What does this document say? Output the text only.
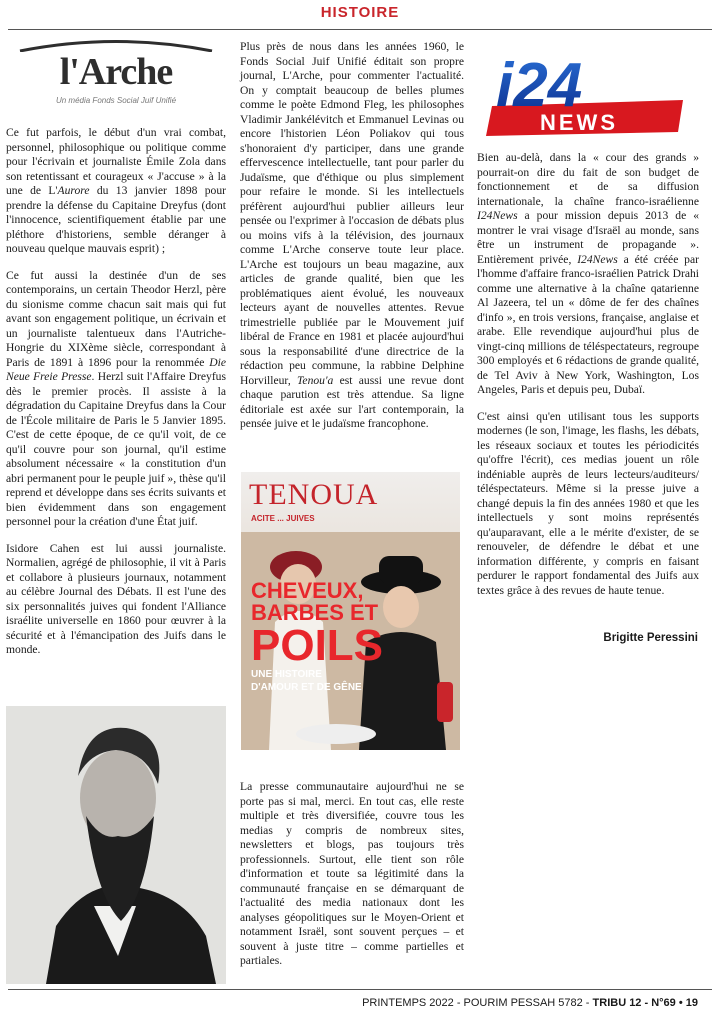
HISTOIRE
l'Arche
Un média Fonds Social Juif Unifié	i24
NEWS

Ce fut parfois, le début d'un vrai combat, personnel, philosophique ou politique comme pour l'écrivain et journaliste Émile Zola dans son retentissant et courageux « J'accuse » à la une de L'Aurore du 13 janvier 1898 pour prendre la défense du Capitaine Dreyfus (dont l'innocence, scientifiquement établie par une pléthore d'historiens, semble déranger à nouveau quelque mauvais esprit) ;

Ce fut aussi la destinée d'un de ses contemporains, un certain Theodor Herzl, père du sionisme comme chacun sait mais qui fut avant son engagement politique, un écrivain et un journaliste talentueux dans l'Autriche-Hongrie du XIXème siècle, correspondant à Paris de 1891 à 1896 pour la renommée Die Neue Freie Presse. Herzl suit l'Affaire Dreyfus dès le premier procès. Il assiste à la dégradation du Capitaine Dreyfus dans la Cour de l'École militaire de Paris le 5 Janvier 1895. C'est de cette époque, de ce qu'il voit, de ce qu'il couvre pour son journal, qu'il estime absolument nécessaire « la constitution d'un abri permanent pour le peuple juif », thèse qu'il reprend et développe dans ses écrits suivants et bien évidemment dans son engagement personnel pour la création d'une État juif.

Isidore Cahen est lui aussi journaliste. Normalien, agrégé de philosophie, il vit à Paris et collabore à plusieurs journaux, notamment au célèbre Journal des Débats. Il est l'une des six personnalités juives qui fondent l'Alliance israélite universelle en 1860 pour œuvrer à la sécurité et à l'émancipation des Juifs dans le monde.

Plus près de nous dans les années 1960, le Fonds Social Juif Unifié éditait son propre journal, L'Arche, pour commenter l'actualité. On y comptait beaucoup de belles plumes comme le poète Edmond Fleg, les philosophes Vladimir Jankélévitch et Emmanuel Levinas ou encore l'historien Léon Poliakov qui tous s'honoraient d'y participer, dans une grande effervescence intellectuelle, tant pour parler du Judaïsme, que d'éthique ou plus simplement pour refaire le monde. Si les intellectuels préfèrent aujourd'hui publier ailleurs leur pensée ou l'exprimer à l'occasion de débats plus ou moins vifs à la télévision, des journaux comme L'Arche conserve toute leur place. L'Arche est toujours un beau magazine, aux articles de grande qualité, bien que les problématiques aient évolué, les nouveaux lecteurs ayant de nouvelles attentes. Revue trimestrielle publiée par le Mouvement juif libéral de France en 1981 et placée aujourd'hui sous la responsabilité d'une directrice de la rédaction peu commune, la rabbine Delphine Horvilleur, Tenou'a est aussi une revue dont chaque parution est très attendue. Sa ligne éditoriale est axée sur l'art contemporain, la pensée juive et le judaïsme francophone.

TENOUA
ACITE ... JUIVES
CHEVEUX,
BARBES ET
POILS
UNE HISTOIRE
D'AMOUR ET DE GÊNE

La presse communautaire aujourd'hui ne se porte pas si mal, merci. En tout cas, elle reste multiple et très diversifiée, couvre tous les medias y compris de nombreux sites, newsletters et blogs, pas toujours très professionnels. Surtout, elle tient son rôle d'information et toute sa légitimité dans la communauté française en se démarquant de l'actualité des media nationaux dont les analyses géopolitiques sur le Moyen-Orient et notamment Israël, sont souvent perçues – et souvent à juste titre – comme partielles et partiales.

Bien au-delà, dans la « cour des grands » pourrait-on dire du fait de son budget de fonctionnement et de sa diffusion internationale, la chaîne franco-israélienne I24News a pour mission depuis 2013 de « montrer le vrai visage d'Israël au monde, sans être un instrument de propagande ». Entièrement privée, I24News a été créée par l'homme d'affaire franco-israélien Patrick Drahi comme une alternative à la chaîne qatarienne Al Jazeera, tel un « dôme de fer des chaînes d'info », en trois versions, française, anglaise et arabe. Elle revendique aujourd'hui plus de vingt-cinq millions de téléspectateurs, regroupe 300 employés et 6 rédactions de grande qualité, de Tel Aviv à New York, Washington, Los Angeles, Paris et depuis peu, Dubaï.

C'est ainsi qu'en utilisant tous les supports modernes (le son, l'image, les flashs, les débats, les réseaux sociaux et toutes les périodicités qu'offre l'écrit), ces medias jouent un rôle indéniable auprès de leurs lecteurs/auditeurs/ téléspectateurs. Même si la presse juive a changé depuis la fin des années 1980 et que les intellectuels y sont moins représentés qu'auparavant, elle a le mérite d'exister, de se renouveler, de défendre le débat et une information différente, y compris en faisant perdurer le rapport fondamental des Juifs aux textes grâce à des revues de haute tenue.

Brigitte Peressini
PRINTEMPS 2022 - POURIM PESSAH 5782 - TRIBU 12 - N°69 • 19
